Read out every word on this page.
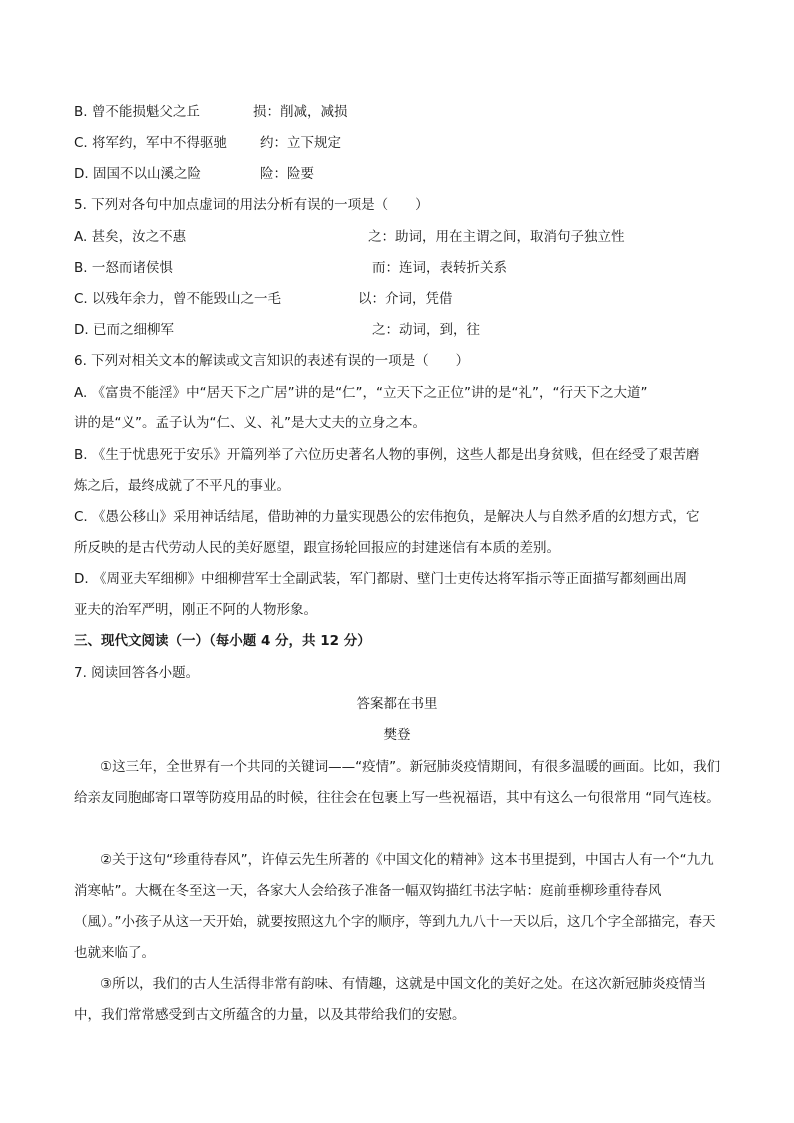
B. 曾不能损魁父之丘	损：削减，减损
C. 将军约，军中不得驱驰 约：立下规定
D. 固国不以山溪之险	险：险要
5. 下列对各句中加点虚词的用法分析有误的一项是（　　）
A. 甚矣，汝之不惠	之：助词，用在主谓之间，取消句子独立性
B. 一怒而诸侯惧	而：连词，表转折关系
C. 以残年余力，曾不能毁山之一毛	以：介词，凭借
D. 已而之细柳军	之：动词，到，往
6. 下列对相关文本的解读或文言知识的表述有误的一项是（　　）
A. 《富贵不能淫》中“居天下之广居”讲的是“仁”，“立天下之正位”讲的是“礼”，“行天下之大道”
讲的是“义”。孟子认为“仁、义、礼”是大丈夫的立身之本。
B. 《生于忧患死于安乐》开篇列举了六位历史著名人物的事例，这些人都是出身贫贱，但在经受了艰苦磨
炼之后，最终成就了不平凡的事业。
C. 《愚公移山》采用神话结尾，借助神的力量实现愚公的宏伟抱负，是解决人与自然矛盾的幻想方式，它
所反映的是古代劳动人民的美好愿望，跟宣扬轮回报应的封建迷信有本质的差别。
D. 《周亚夫军细柳》中细柳营军士全副武装，军门都尉、壁门士吏传达将军指示等正面描写都刻画出周
亚夫的治军严明，刚正不阿的人物形象。
三、现代文阅读（一）（每小题 4 分，共 12 分）
7. 阅读回答各小题。
答案都在书里
樊登
①这三年，全世界有一个共同的关键词——“疫情”。新冠肺炎疫情期间，有很多温暖的画面。比如，我们给亲友同胞邮寄口罩等防疫用品的时候，往往会在包裹上写一些祝福语，其中有这么一句很常用 “同气连枝。
②关于这句“珍重待春风”，许倬云先生所著的《中国文化的精神》这本书里提到，中国古人有一个“九九消寒帖”。大概在冬至这一天，各家大人会给孩子准备一幅双钩描红书法字帖：庭前垂柳珍重待春风（風）。”小孩子从这一天开始，就要按照这九个字的顺序，等到九九八十一天以后，这几个字全部描完，春天也就来临了。
③所以，我们的古人生活得非常有韵味、有情趣，这就是中国文化的美好之处。在这次新冠肺炎疫情当中，我们常常感受到古文所蕴含的力量，以及其带给我们的安慰。
